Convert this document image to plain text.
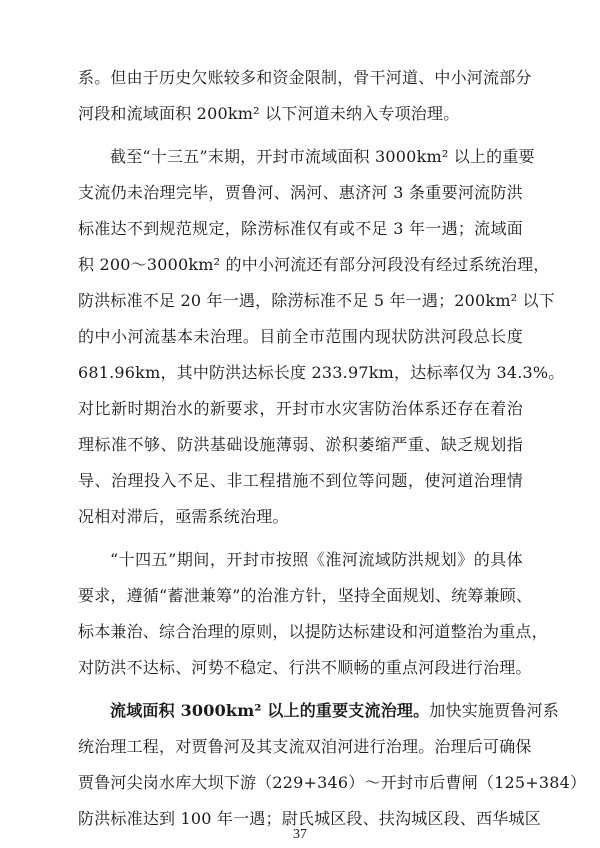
系。但由于历史欠账较多和资金限制，骨干河道、中小河流部分
河段和流域面积 200km² 以下河道未纳入专项治理。
截至“十三五”末期，开封市流域面积 3000km² 以上的重要
支流仍未治理完毕，贾鲁河、涡河、惠济河 3 条重要河流防洪
标准达不到规范规定，除涝标准仅有或不足 3 年一遇；流域面
积 200～3000km² 的中小河流还有部分河段没有经过系统治理，
防洪标准不足 20 年一遇，除涝标准不足 5 年一遇；200km² 以下
的中小河流基本未治理。目前全市范围内现状防洪河段总长度
681.96km，其中防洪达标长度 233.97km，达标率仅为 34.3%。
对比新时期治水的新要求，开封市水灾害防治体系还存在着治
理标准不够、防洪基础设施薄弱、淤积萎缩严重、缺乏规划指
导、治理投入不足、非工程措施不到位等问题，使河道治理情
况相对滞后，亟需系统治理。
“十四五”期间，开封市按照《淮河流域防洪规划》的具体
要求，遵循“蓄泄兼筹”的治淮方针，坚持全面规划、统筹兼顾、
标本兼治、综合治理的原则，以提防达标建设和河道整治为重点，
对防洪不达标、河势不稳定、行洪不顺畅的重点河段进行治理。
流域面积 3000km² 以上的重要支流治理。加快实施贾鲁河系
统治理工程，对贾鲁河及其支流双洎河进行治理。治理后可确保
贾鲁河尖岗水库大坝下游（229+346）～开封市后曹闸（125+384）
防洪标准达到 100 年一遇；尉氏城区段、扶沟城区段、西华城区
37
